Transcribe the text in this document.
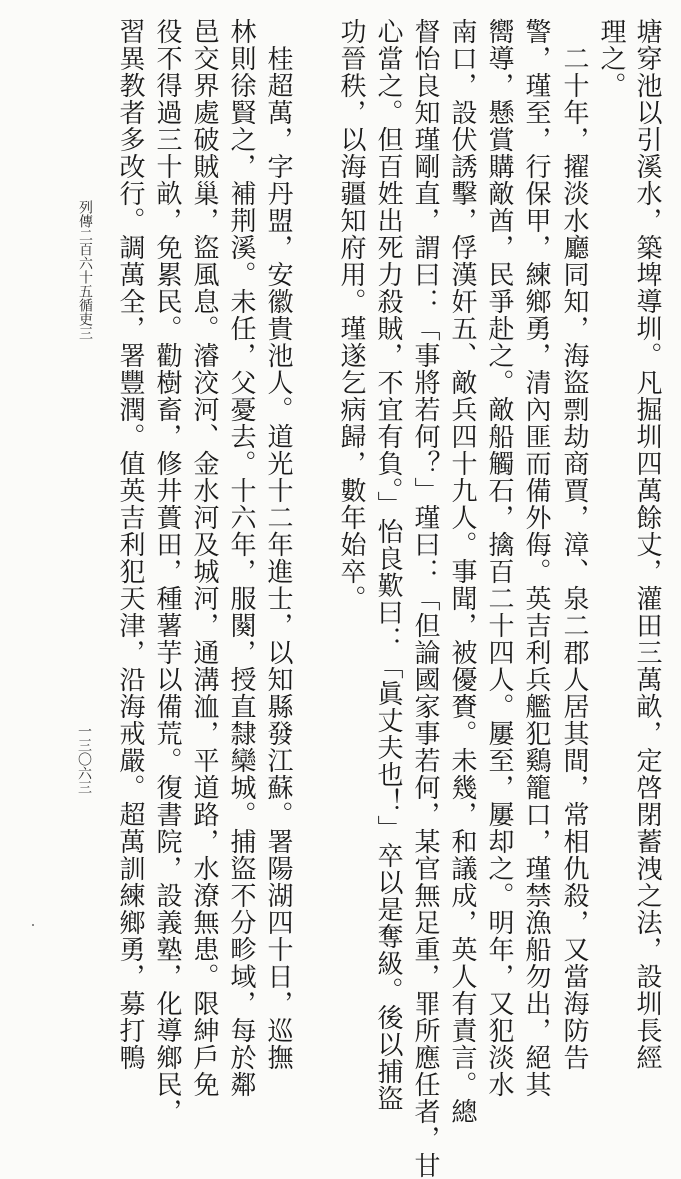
塘穿池以引溪水，築埤導圳。凡掘圳四萬餘丈，灌田三萬畝，定啓閉蓄洩之法，設圳長經
理之。
　二十年，擢淡水廳同知，海盜剽劫商賈，漳、泉二郡人居其間，常相仇殺，又當海防告
警，瑾至，行保甲，練鄉勇，清內匪而備外侮。英吉利兵艦犯鷄籠口，瑾禁漁船勿出，絕其
嚮導，懸賞購敵酋，民爭赴之。敵船觸石，擒百二十四人。屢至，屢却之。明年，又犯淡水
南口，設伏誘擊，俘漢奸五、敵兵四十九人。事聞，被優賚。未幾，和議成，英人有責言。總
督怡良知瑾剛直，謂曰：「事將若何？」瑾曰：「但論國家事若何，某官無足重，罪所應任者，甘
心當之。但百姓出死力殺賊，不宜有負。」怡良歎曰：「眞丈夫也！」卒以是奪級。後以捕盜
功晉秩，以海疆知府用。瑾遂乞病歸，數年始卒。
　桂超萬，字丹盟，安徽貴池人。道光十二年進士，以知縣發江蘇。署陽湖四十日，巡撫
林則徐賢之，補荆溪。未任，父憂去。十六年，服闋，授直隸欒城。捕盜不分畛域，每於鄰
邑交界處破賊巢，盜風息。濬洨河、金水河及城河，通溝洫，平道路，水潦無患。限紳戶免
役不得過三十畝，免累民。勸樹畜，修井蕢田，種薯芋以備荒。復書院，設義塾，化導鄉民，
習異教者多改行。調萬全，署豐潤。值英吉利犯天津，沿海戒嚴。超萬訓練鄉勇，募打鴨
列傳二百六十五循吏三
一三〇六三
